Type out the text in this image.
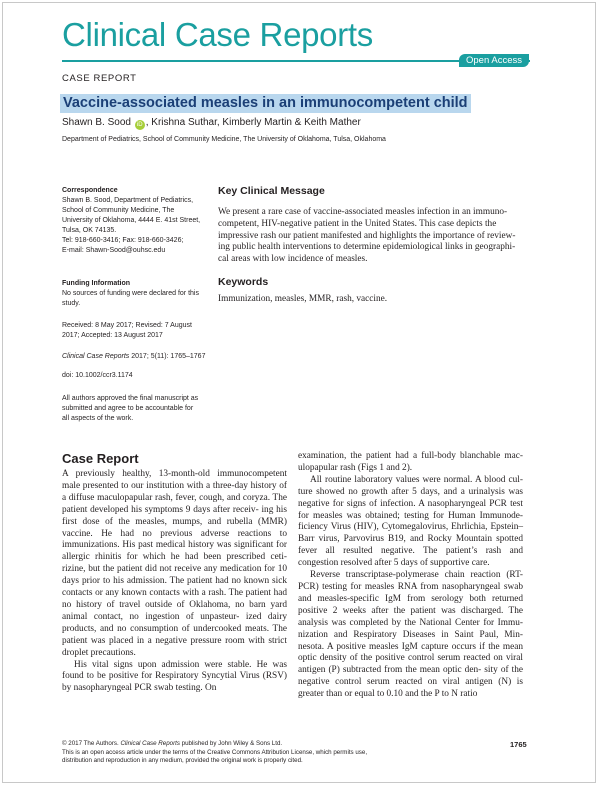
Clinical Case Reports
Open Access
CASE REPORT
Vaccine-associated measles in an immunocompetent child
Shawn B. Sood iD , Krishna Suthar, Kimberly Martin & Keith Mather
Department of Pediatrics, School of Community Medicine, The University of Oklahoma, Tulsa, Oklahoma
Correspondence
Shawn B. Sood, Department of Pediatrics,
School of Community Medicine, The
University of Oklahoma, 4444 E. 41st Street,
Tulsa, OK 74135.
Tel: 918-660-3416; Fax: 918-660-3426;
E-mail: Shawn-Sood@ouhsc.edu
Funding Information
No sources of funding were declared for this
study.
Received: 8 May 2017; Revised: 7 August
2017; Accepted: 13 August 2017
Clinical Case Reports 2017; 5(11): 1765–1767
doi: 10.1002/ccr3.1174
All authors approved the final manuscript as
submitted and agree to be accountable for
all aspects of the work.
Key Clinical Message
We present a rare case of vaccine-associated measles infection in an immuno-
competent, HIV-negative patient in the United States. This case depicts the
impressive rash our patient manifested and highlights the importance of review-
ing public health interventions to determine epidemiological links in geographi-
cal areas with low incidence of measles.
Keywords
Immunization, measles, MMR, rash, vaccine.
Case Report

A previously healthy, 13-month-old immunocompetent male presented to our institution with a three-day history of a diffuse maculopapular rash, fever, cough, and coryza. The patient developed his symptoms 9 days after receiv- ing his first dose of the measles, mumps, and rubella (MMR) vaccine. He had no previous adverse reactions to immunizations. His past medical history was significant for allergic rhinitis for which he had been prescribed ceti- rizine, but the patient did not receive any medication for 10 days prior to his admission. The patient had no known sick contacts or any known contacts with a rash. The patient had no history of travel outside of Oklahoma, no barn yard animal contact, no ingestion of unpasteur- ized dairy products, and no consumption of undercooked meats. The patient was placed in a negative pressure room with strict droplet precautions.

His vital signs upon admission were stable. He was found to be positive for Respiratory Syncytial Virus (RSV) by nasopharyngeal PCR swab testing. On

examination, the patient had a full-body blanchable mac- ulopapular rash (Figs 1 and 2).

All routine laboratory values were normal. A blood cul- ture showed no growth after 5 days, and a urinalysis was negative for signs of infection. A nasopharyngeal PCR test for measles was obtained; testing for Human Immunode- ficiency Virus (HIV), Cytomegalovirus, Ehrlichia, Epstein–Barr virus, Parvovirus B19, and Rocky Mountain spotted fever all resulted negative. The patient’s rash and congestion resolved after 5 days of supportive care.

Reverse transcriptase-polymerase chain reaction (RT- PCR) testing for measles RNA from nasopharyngeal swab and measles-specific IgM from serology both returned positive 2 weeks after the patient was discharged. The analysis was completed by the National Center for Immu- nization and Respiratory Diseases in Saint Paul, Min- nesota. A positive measles IgM capture occurs if the mean optic density of the positive control serum reacted on viral antigen (P) subtracted from the mean optic den- sity of the negative control serum reacted on viral antigen (N) is greater than or equal to 0.10 and the P to N ratio

© 2017 The Authors. Clinical Case Reports published by John Wiley & Sons Ltd.
This is an open access article under the terms of the Creative Commons Attribution License, which permits use,
distribution and reproduction in any medium, provided the original work is properly cited.
1765
